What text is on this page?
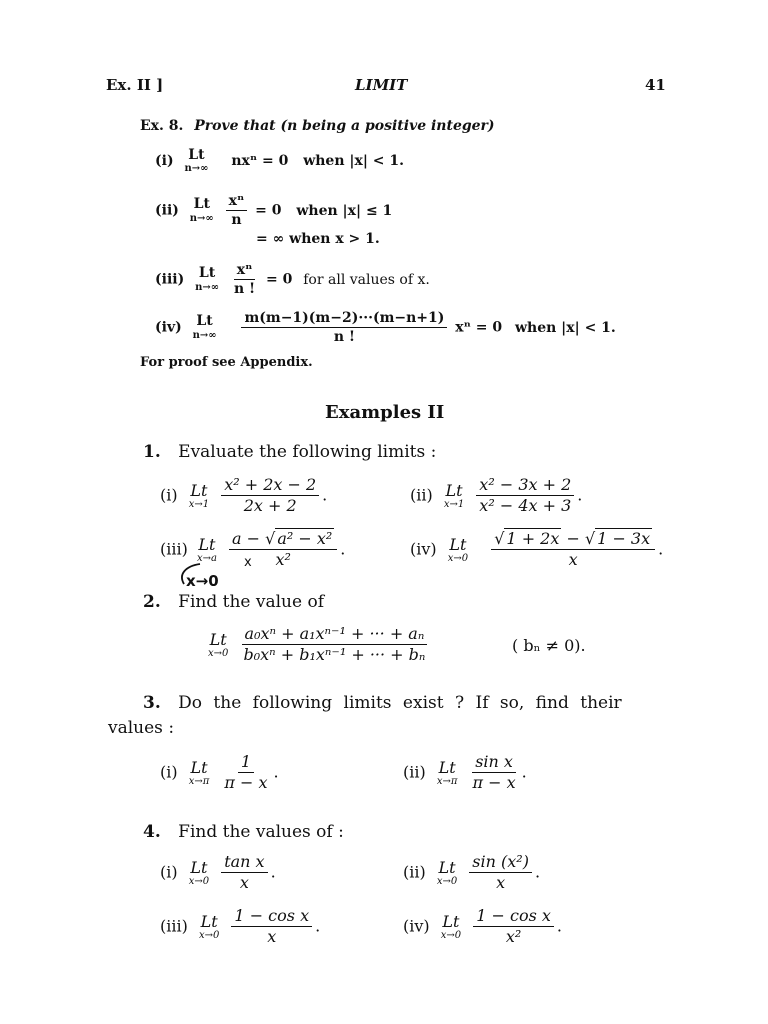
Ex. II ]	LIMIT	41
Ex. 8. Prove that (n being a positive integer)
(i) Lt
n→∞ nxⁿ = 0 when |x| < 1.
(ii) Lt
n→∞
$\frac{\text{xⁿ}}{n} = 0$ when |x| ≤ 1
= ∞ when x > 1.
(iii) Lt
n→∞
$\frac{\text{xⁿ}}{n !} = 0$ for all values of x.
(iv) Lt
n→∞
$\frac{m(m-1)(m-2)\cdot\cdot\cdot(m-n+1)}{n !}$ xⁿ = 0 when |x| < 1.
For proof see Appendix.
Examples II
1. Evaluate the following limits :
(i) Lt
x→1
$\frac{\text{x² + 2x − 2}}{2x + 2}$ .	(ii) Lt
x→1
$\frac{\text{x² − 3x + 2}}{\text{x² − 4x + 3}}$ .
(iii) Lt
x→a
$\frac{\text{a − √ a² − x²}}{\text{x²}}$ .
x
x→0
(iv) Lt
x→0
$\frac{√ 1 + 2x - √ 1 - 3x}{x}$ .
2. Find the value of
Lt
x→0
$\frac{\text{a₀xⁿ + a₁xⁿ⁻¹ + ··· + aₙ}}{\text{b₀xⁿ + b₁xⁿ⁻¹ + ··· + bₙ}}$	( bₙ ≠ 0).
3. Do the following limits exist ? If so, find their
values :
(i) Lt
x→π
$\frac{1}{\pi - x}$ .	(ii) Lt
x→π
$\frac{\text{sin x}}{\pi - x}$ .
4. Find the values of :
(i) Lt
x→0
$\frac{\text{tan x}}{x}$ .	(ii) Lt
x→0
$\frac{\text{sin (x²)}}{x}$ .
(iii) Lt
x→0
$\frac{\text{1 − cos x}}{x}$ .	(iv) Lt
x→0
$\frac{\text{1 − cos x}}{\text{x²}}$ .
